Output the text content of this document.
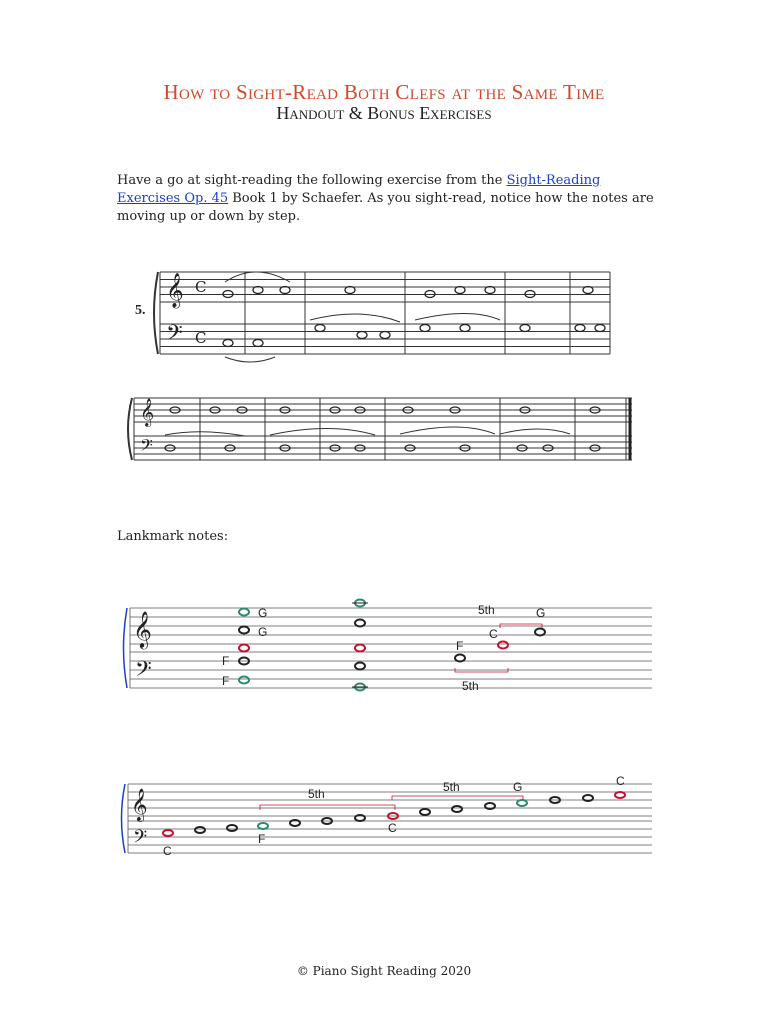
How to Sight-Read Both Clefs at the Same Time
Handout & Bonus Exercises
Have a go at sight-reading the following exercise from the Sight-Reading Exercises Op. 45 Book 1 by Schaefer. As you sight-read, notice how the notes are moving up or down by step.
𝄞
𝄢
C
C
5.
𝄞
𝄢
Lankmark notes:
𝄞
𝄢
G
G
F
F
5th	G
C
F
5th
𝄞
𝄢
5th	5th	G	C
C
F
C
© Piano Sight Reading 2020
